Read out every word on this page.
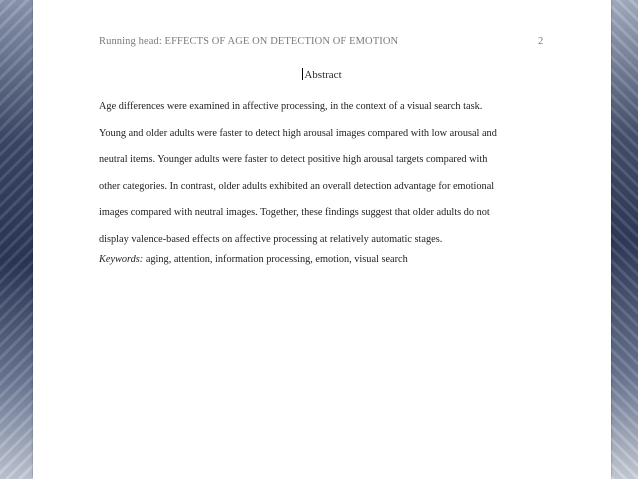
Running head: EFFECTS OF AGE ON DETECTION OF EMOTION	2
Abstract
Age differences were examined in affective processing, in the context of a visual search task.
Young and older adults were faster to detect high arousal images compared with low arousal and
neutral items. Younger adults were faster to detect positive high arousal targets compared with
other categories. In contrast, older adults exhibited an overall detection advantage for emotional
images compared with neutral images. Together, these findings suggest that older adults do not
display valence-based effects on affective processing at relatively automatic stages.
Keywords: aging, attention, information processing, emotion, visual search
